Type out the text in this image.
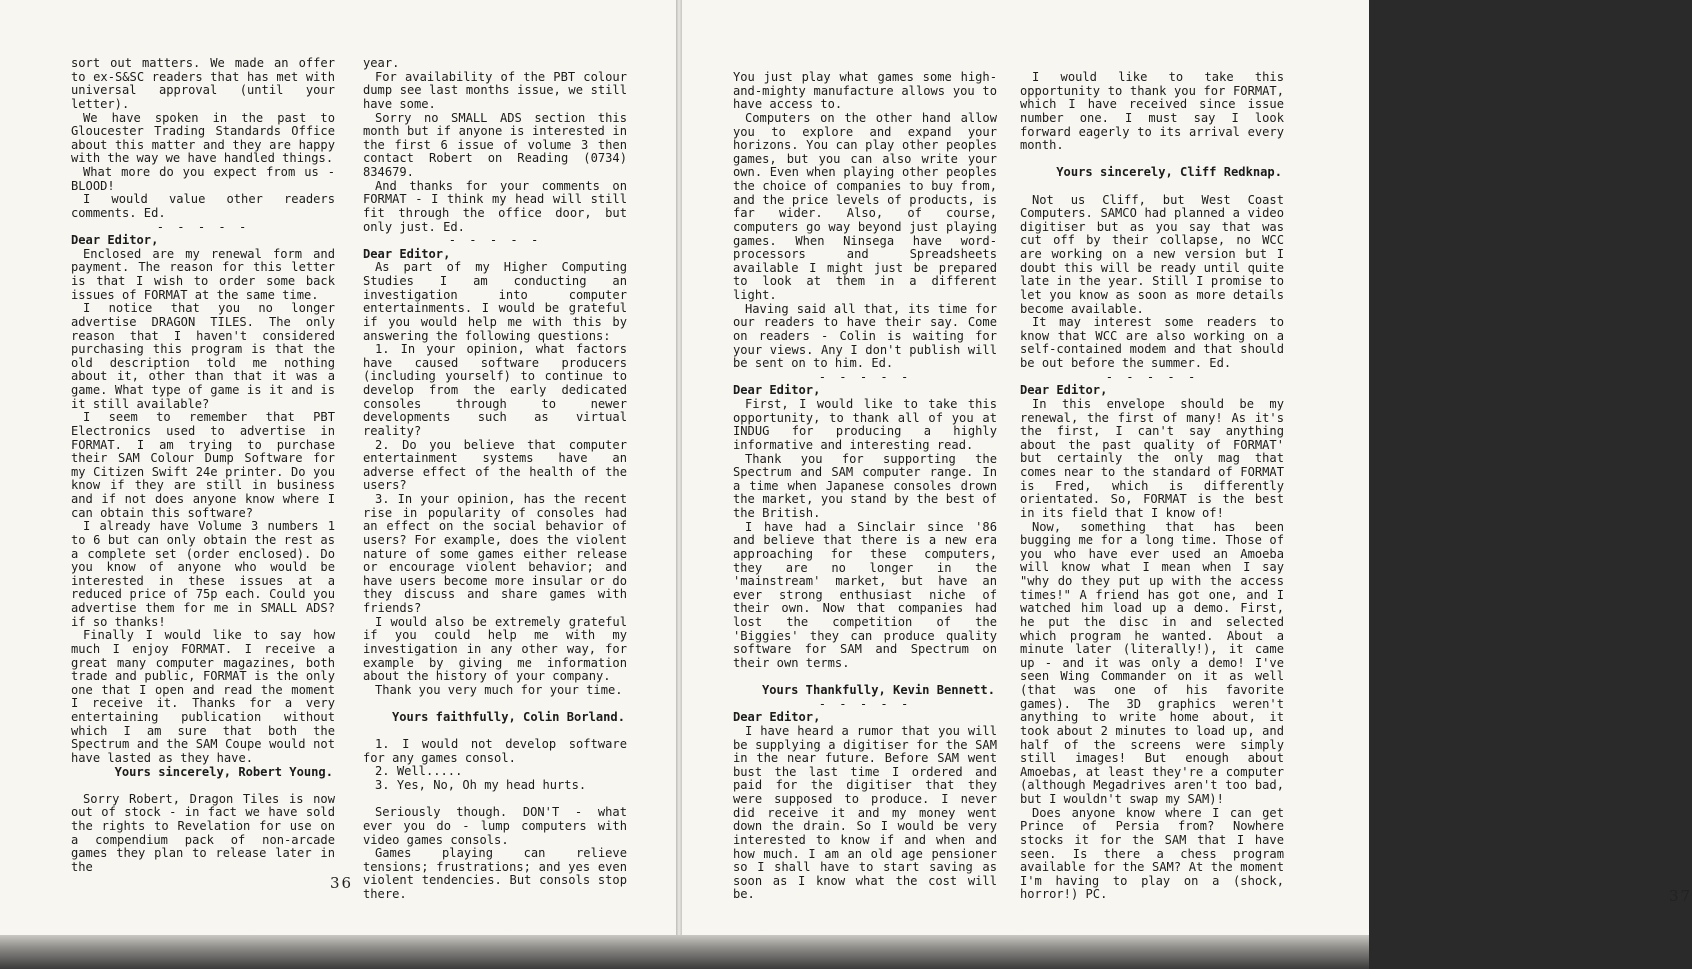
sort out matters. We made an offer to ex-S&SC readers that has met with universal approval (until your letter).

We have spoken in the past to Gloucester Trading Standards Office about this matter and they are happy with the way we have handled things.

What more do you expect from us - BLOOD!

I would value other readers comments. Ed.

- - - - -

Dear Editor,

Enclosed are my renewal form and payment. The reason for this letter is that I wish to order some back issues of FORMAT at the same time.

I notice that you no longer advertise DRAGON TILES. The only reason that I haven't considered purchasing this program is that the old description told me nothing about it, other than that it was a game. What type of game is it and is it still available?

I seem to remember that PBT Electronics used to advertise in FORMAT. I am trying to purchase their SAM Colour Dump Software for my Citizen Swift 24e printer. Do you know if they are still in business and if not does anyone know where I can obtain this software?

I already have Volume 3 numbers 1 to 6 but can only obtain the rest as a complete set (order enclosed). Do you know of anyone who would be interested in these issues at a reduced price of 75p each. Could you advertise them for me in SMALL ADS? if so thanks!

Finally I would like to say how much I enjoy FORMAT. I receive a great many computer magazines, both trade and public, FORMAT is the only one that I open and read the moment I receive it. Thanks for a very entertaining publication without which I am sure that both the Spectrum and the SAM Coupe would not have lasted as they have.

Yours sincerely, Robert Young.

Sorry Robert, Dragon Tiles is now out of stock - in fact we have sold the rights to Revelation for use on a compendium pack of non-arcade games they plan to release later in the

year.

For availability of the PBT colour dump see last months issue, we still have some.

Sorry no SMALL ADS section this month but if anyone is interested in the first 6 issue of volume 3 then contact Robert on Reading (0734) 834679.

And thanks for your comments on FORMAT - I think my head will still fit through the office door, but only just. Ed.

- - - - -

Dear Editor,

As part of my Higher Computing Studies I am conducting an investigation into computer entertainments. I would be grateful if you would help me with this by answering the following questions:

1. In your opinion, what factors have caused software producers (including yourself) to continue to develop from the early dedicated consoles through to newer developments such as virtual reality?

2. Do you believe that computer entertainment systems have an adverse effect of the health of the users?

3. In your opinion, has the recent rise in popularity of consoles had an effect on the social behavior of users? For example, does the violent nature of some games either release or encourage violent behavior; and have users become more insular or do they discuss and share games with friends?

I would also be extremely grateful if you could help me with my investigation in any other way, for example by giving me information about the history of your company.

Thank you very much for your time.

Yours faithfully, Colin Borland.

1. I would not develop software for any games consol.

2. Well.....

3. Yes, No, Oh my head hurts.

Seriously though. DON'T - what ever you do - lump computers with video games consols.

Games playing can relieve tensions; frustrations; and yes even violent tendencies. But consols stop there.

36
37

You just play what games some high-and-mighty manufacture allows you to have access to.

Computers on the other hand allow you to explore and expand your horizons. You can play other peoples games, but you can also write your own. Even when playing other peoples the choice of companies to buy from, and the price levels of products, is far wider. Also, of course, computers go way beyond just playing games. When Ninsega have word-processors and Spreadsheets available I might just be prepared to look at them in a different light.

Having said all that, its time for our readers to have their say. Come on readers - Colin is waiting for your views. Any I don't publish will be sent on to him. Ed.

- - - - -

Dear Editor,

First, I would like to take this opportunity, to thank all of you at INDUG for producing a highly informative and interesting read.

Thank you for supporting the Spectrum and SAM computer range. In a time when Japanese consoles drown the market, you stand by the best of the British.

I have had a Sinclair since '86 and believe that there is a new era approaching for these computers, they are no longer in the 'mainstream' market, but have an ever strong enthusiast niche of their own. Now that companies had lost the competition of the 'Biggies' they can produce quality software for SAM and Spectrum on their own terms.

Yours Thankfully, Kevin Bennett.

- - - - -

Dear Editor,

I have heard a rumor that you will be supplying a digitiser for the SAM in the near future. Before SAM went bust the last time I ordered and paid for the digitiser that they were supposed to produce. I never did receive it and my money went down the drain. So I would be very interested to know if and when and how much. I am an old age pensioner so I shall have to start saving as soon as I know what the cost will be.

I would like to take this opportunity to thank you for FORMAT, which I have received since issue number one. I must say I look forward eagerly to its arrival every month.

Yours sincerely, Cliff Redknap.

Not us Cliff, but West Coast Computers. SAMCO had planned a video digitiser but as you say that was cut off by their collapse, no WCC are working on a new version but I doubt this will be ready until quite late in the year. Still I promise to let you know as soon as more details become available.

It may interest some readers to know that WCC are also working on a self-contained modem and that should be out before the summer. Ed.

- - - - -

Dear Editor,

In this envelope should be my renewal, the first of many! As it's the first, I can't say anything about the past quality of FORMAT' but certainly the only mag that comes near to the standard of FORMAT is Fred, which is differently orientated. So, FORMAT is the best in its field that I know of!

Now, something that has been bugging me for a long time. Those of you who have ever used an Amoeba will know what I mean when I say "why do they put up with the access times!" A friend has got one, and I watched him load up a demo. First, he put the disc in and selected which program he wanted. About a minute later (literally!), it came up - and it was only a demo! I've seen Wing Commander on it as well (that was one of his favorite games). The 3D graphics weren't anything to write home about, it took about 2 minutes to load up, and half of the screens were simply still images! But enough about Amoebas, at least they're a computer (although Megadrives aren't too bad, but I wouldn't swap my SAM)!

Does anyone know where I can get Prince of Persia from? Nowhere stocks it for the SAM that I have seen. Is there a chess program available for the SAM? At the moment I'm having to play on a (shock, horror!) PC.
